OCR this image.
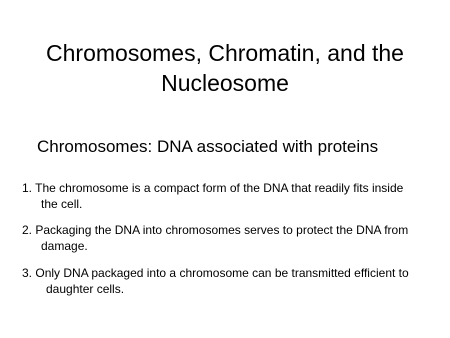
Chromosomes, Chromatin, and the
Nucleosome
Chromosomes: DNA associated with proteins
1. The chromosome is a compact form of the DNA that readily fits inside
the cell.
2. Packaging the DNA into chromosomes serves to protect the DNA from
damage.
3. Only DNA packaged into a chromosome can be transmitted efficient to
daughter cells.
